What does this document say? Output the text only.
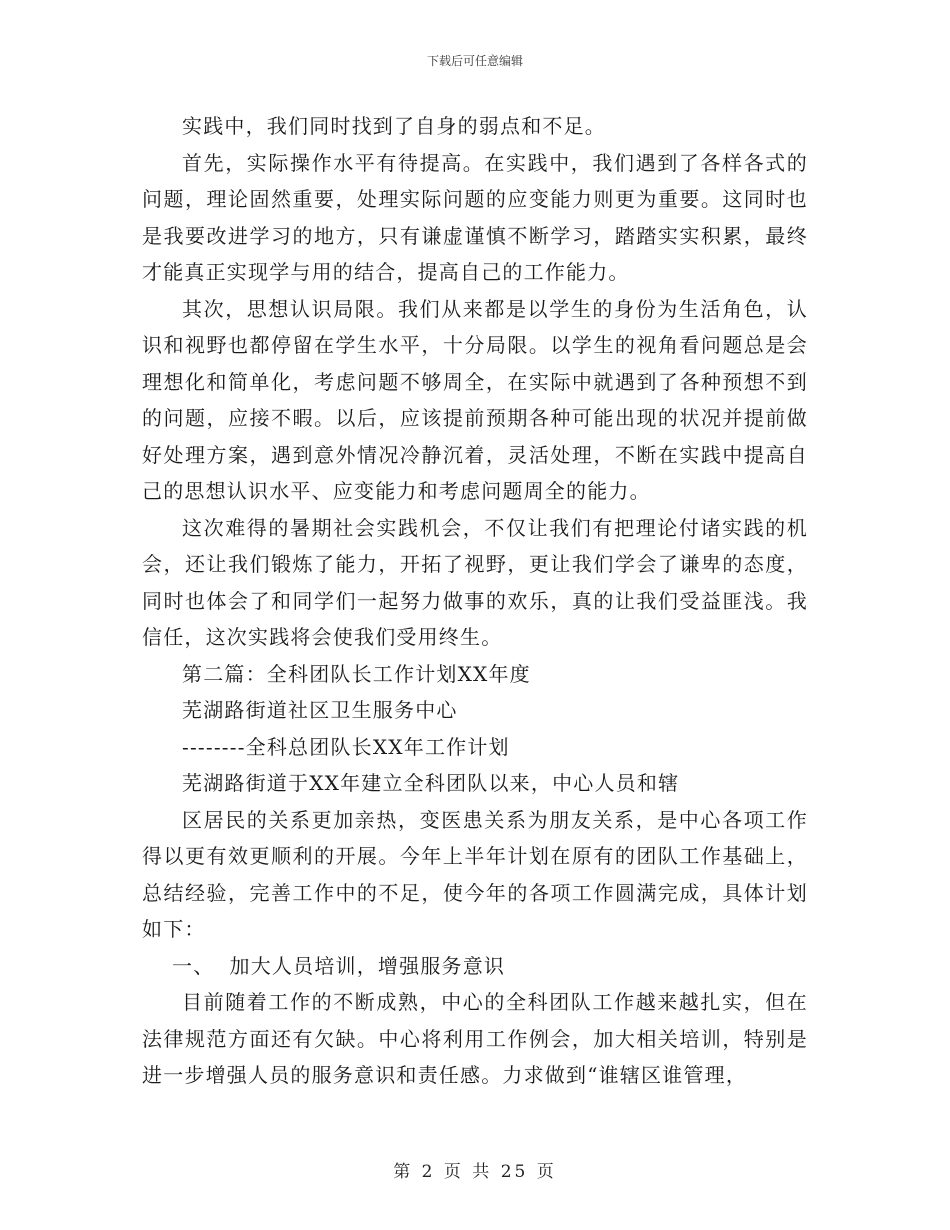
下载后可任意编辑

实践中，我们同时找到了自身的弱点和不足。

首先，实际操作水平有待提高。在实践中，我们遇到了各样各式的问题，理论固然重要，处理实际问题的应变能力则更为重要。这同时也是我要改进学习的地方，只有谦虚谨慎不断学习，踏踏实实积累，最终才能真正实现学与用的结合，提高自己的工作能力。

其次，思想认识局限。我们从来都是以学生的身份为生活角色，认识和视野也都停留在学生水平，十分局限。以学生的视角看问题总是会理想化和简单化，考虑问题不够周全，在实际中就遇到了各种预想不到的问题，应接不暇。以后，应该提前预期各种可能出现的状况并提前做好处理方案，遇到意外情况冷静沉着，灵活处理，不断在实践中提高自己的思想认识水平、应变能力和考虑问题周全的能力。

这次难得的暑期社会实践机会，不仅让我们有把理论付诸实践的机会，还让我们锻炼了能力，开拓了视野，更让我们学会了谦卑的态度，同时也体会了和同学们一起努力做事的欢乐，真的让我们受益匪浅。我信任，这次实践将会使我们受用终生。

第二篇：全科团队长工作计划XX年度

芜湖路街道社区卫生服务中心

--------全科总团队长XX年工作计划

芜湖路街道于XX年建立全科团队以来，中心人员和辖

区居民的关系更加亲热，变医患关系为朋友关系，是中心各项工作得以更有效更顺利的开展。今年上半年计划在原有的团队工作基础上，总结经验，完善工作中的不足，使今年的各项工作圆满完成，具体计划如下：

一、  加大人员培训，增强服务意识

目前随着工作的不断成熟，中心的全科团队工作越来越扎实，但在法律规范方面还有欠缺。中心将利用工作例会，加大相关培训，特别是进一步增强人员的服务意识和责任感。力求做到“谁辖区谁管理，

第 2 页 共 25 页
